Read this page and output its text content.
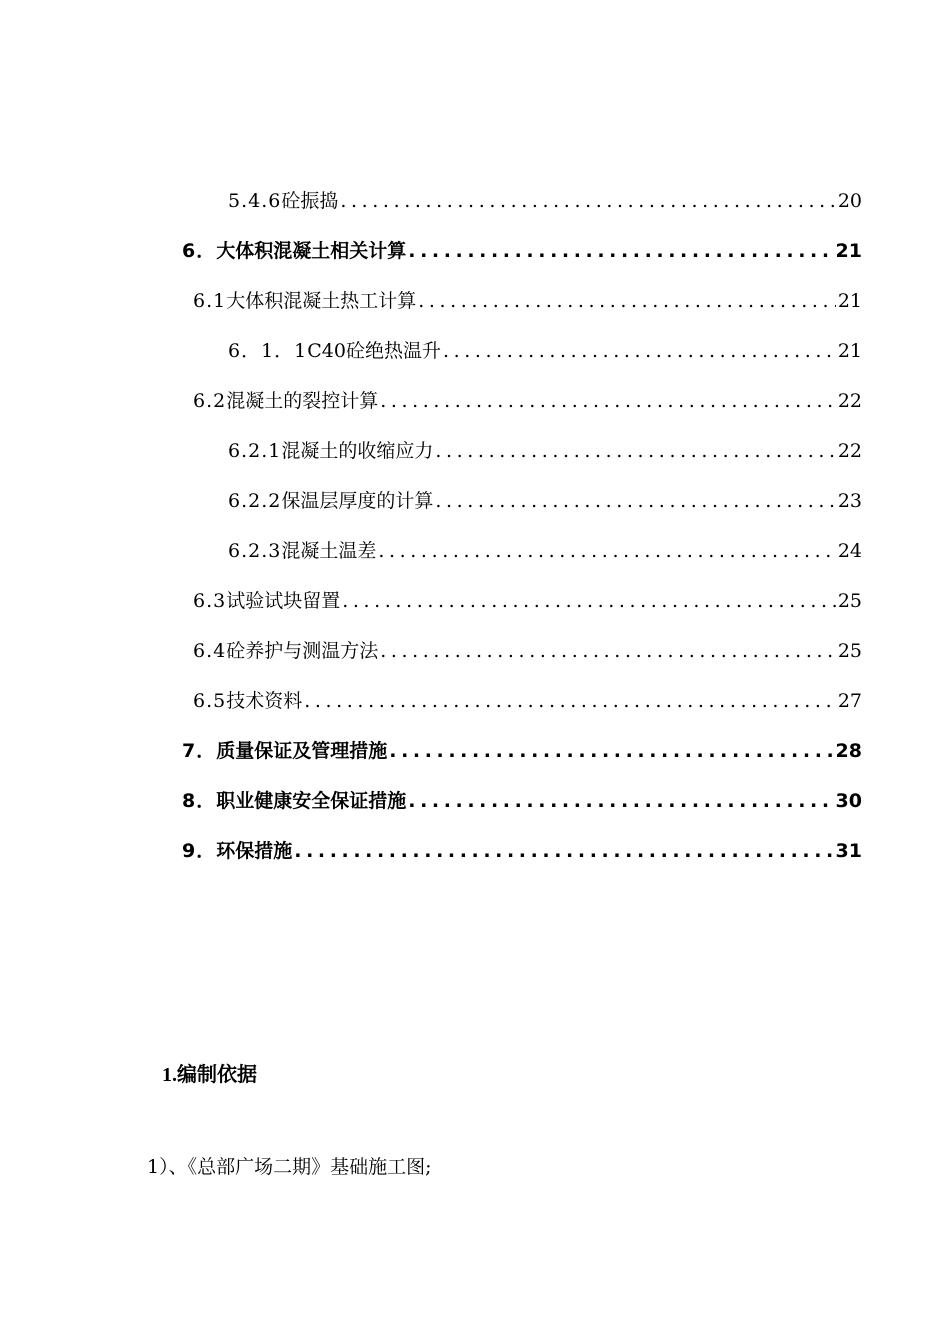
5.4.6 砼振捣 .....	20
6． 大体积混凝土相关计算 .....	21
6.1 大体积混凝土热工计算 .....	21
6．1．1 C40砼绝热温升 .....	21
6.2 混凝土的裂控计算 .....	22
6.2.1 混凝土的收缩应力 .....	22
6.2.2 保温层厚度的计算 .....	23
6.2.3 混凝土温差 .....	24
6.3 试验试块留置 .....	25
6.4 砼养护与测温方法 .....	25
6.5 技术资料 .....	27
7． 质量保证及管理措施 .....	28
8． 职业健康安全保证措施 .....	30
9． 环保措施 .....	31
1.编制依据
1）、《总部广场二期》基础施工图;
